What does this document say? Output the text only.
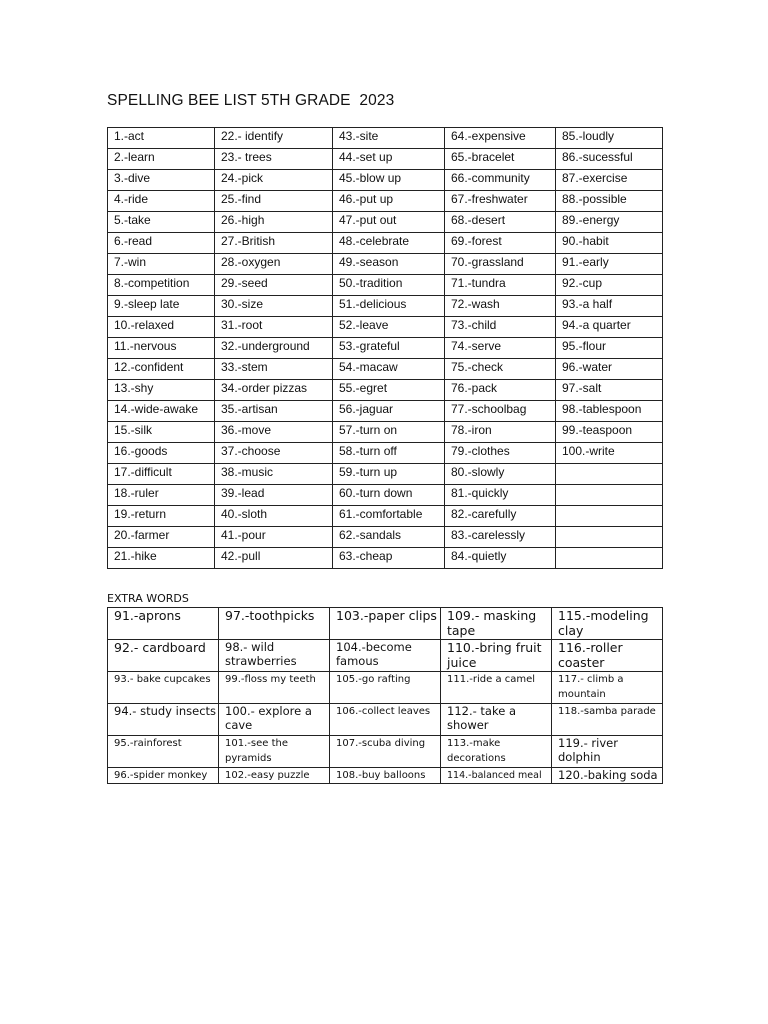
SPELLING BEE LIST 5TH GRADE  2023
1.-act	22.- identify	43.-site	64.-expensive	85.-loudly
2.-learn	23.- trees	44.-set up	65.-bracelet	86.-sucessful
3.-dive	24.-pick	45.-blow up	66.-community	87.-exercise
4.-ride	25.-find	46.-put up	67.-freshwater	88.-possible
5.-take	26.-high	47.-put out	68.-desert	89.-energy
6.-read	27.-British	48.-celebrate	69.-forest	90.-habit
7.-win	28.-oxygen	49.-season	70.-grassland	91.-early
8.-competition	29.-seed	50.-tradition	71.-tundra	92.-cup
9.-sleep late	30.-size	51.-delicious	72.-wash	93.-a half
10.-relaxed	31.-root	52.-leave	73.-child	94.-a quarter
11.-nervous	32.-underground	53.-grateful	74.-serve	95.-flour
12.-confident	33.-stem	54.-macaw	75.-check	96.-water
13.-shy	34.-order pizzas	55.-egret	76.-pack	97.-salt
14.-wide-awake	35.-artisan	56.-jaguar	77.-schoolbag	98.-tablespoon
15.-silk	36.-move	57.-turn on	78.-iron	99.-teaspoon
16.-goods	37.-choose	58.-turn off	79.-clothes	100.-write
17.-difficult	38.-music	59.-turn up	80.-slowly	
18.-ruler	39.-lead	60.-turn down	81.-quickly	
19.-return	40.-sloth	61.-comfortable	82.-carefully	
20.-farmer	41.-pour	62.-sandals	83.-carelessly	
21.-hike	42.-pull	63.-cheap	84.-quietly	
EXTRA WORDS
91.-aprons	97.-toothpicks	103.-paper clips	109.- masking tape	115.-modeling clay
92.- cardboard	98.- wild strawberries	104.-become famous	110.-bring fruit juice	116.-roller coaster
93.- bake cupcakes	99.-floss my teeth	105.-go rafting	111.-ride a camel	117.- climb a mountain
94.- study insects	100.- explore a cave	106.-collect leaves	112.- take a shower	118.-samba parade
95.-rainforest	101.-see the pyramids	107.-scuba diving	113.-make decorations	119.- river dolphin
96.-spider monkey	102.-easy puzzle	108.-buy balloons	114.-balanced meal	120.-baking soda
